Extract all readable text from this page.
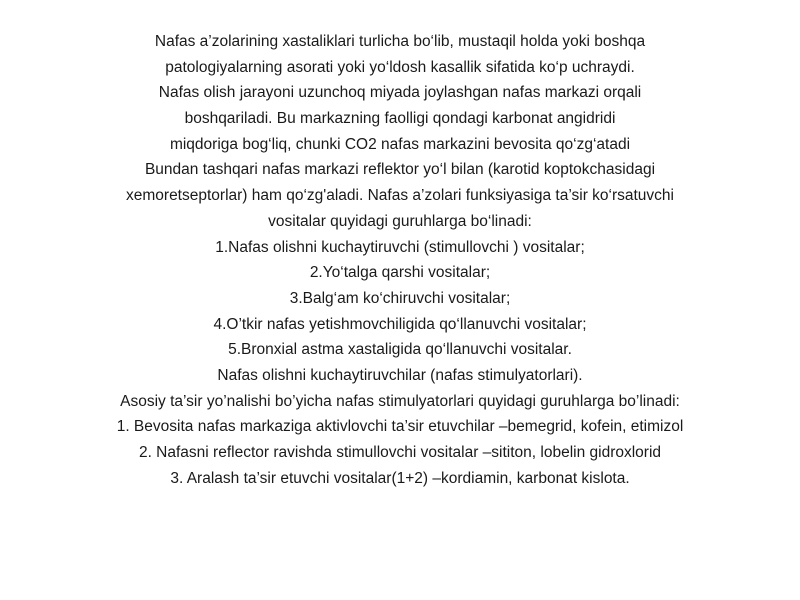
Nafas a’zolarining xastaliklari turlicha bo‘lib, mustaqil holda yoki boshqa
patologiyalarning asorati yoki yo‘ldosh kasallik sifatida ko‘p uchraydi.
Nafas olish jarayoni uzunchoq miyada joylashgan nafas markazi orqali
boshqariladi. Bu markazning faolligi qondagi karbonat angidridi
miqdoriga bog‘liq, chunki CO2 nafas markazini bevosita qo‘zg‘atadi
Bundan tashqari nafas markazi reflektor yo‘l bilan (karotid koptokchasidagi
xemoretseptorlar) ham qo‘zg'aladi. Nafas a’zolari funksiyasiga ta’sir ko‘rsatuvchi
vositalar quyidagi guruhlarga bo‘linadi:
1.Nafas olishni kuchaytiruvchi (stimullovchi ) vositalar;
2.Yo‘talga qarshi vositalar;
3.Balg‘am ko‘chiruvchi vositalar;
4.O’tkir nafas yetishmovchiligida qo‘llanuvchi vositalar;
5.Bronxial astma xastaligida qo‘llanuvchi vositalar.
Nafas olishni kuchaytiruvchilar (nafas stimulyatorlari).
Asosiy ta’sir yo’nalishi bo’yicha nafas stimulyatorlari quyidagi guruhlarga bo’linadi:
1. Bevosita nafas markaziga aktivlovchi ta’sir etuvchilar –bemegrid, kofein, etimizol
2. Nafasni reflector ravishda stimullovchi vositalar –sititon, lobelin gidroxlorid
3. Aralash ta’sir etuvchi vositalar(1+2) –kordiamin, karbonat kislota.
